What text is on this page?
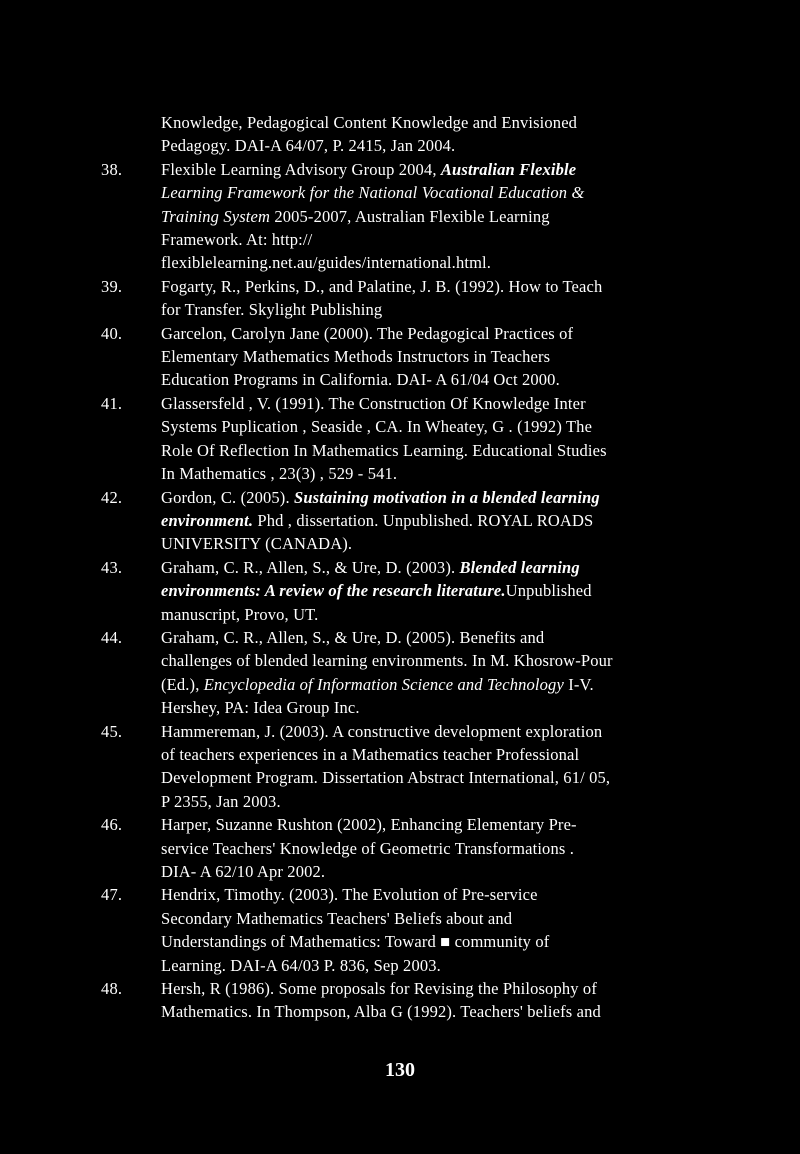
Knowledge, Pedagogical Content Knowledge and Envisioned
Pedagogy. DAI-A 64/07, P. 2415, Jan 2004.
38. Flexible Learning Advisory Group 2004, Australian Flexible
Learning Framework for the National Vocational Education &
Training System 2005-2007, Australian Flexible Learning
Framework. At: http://
flexiblelearning.net.au/guides/international.html.
39. Fogarty, R., Perkins, D., and Palatine, J. B. (1992). How to Teach
for Transfer. Skylight Publishing
40. Garcelon, Carolyn Jane (2000). The Pedagogical Practices of
Elementary Mathematics Methods Instructors in Teachers
Education Programs in California. DAI- A 61/04 Oct 2000.
41. Glassersfeld , V. (1991). The Construction Of Knowledge Inter
Systems Puplication , Seaside , CA. In Wheatey, G . (1992) The
Role Of Reflection In Mathematics Learning. Educational Studies
In Mathematics , 23(3) , 529 - 541.
42. Gordon, C. (2005). Sustaining motivation in a blended learning
environment. Phd , dissertation. Unpublished. ROYAL ROADS
UNIVERSITY (CANADA).
43. Graham, C. R., Allen, S., & Ure, D. (2003). Blended learning
environments: A review of the research literature.Unpublished
manuscript, Provo, UT.
44. Graham, C. R., Allen, S., & Ure, D. (2005). Benefits and
challenges of blended learning environments. In M. Khosrow-Pour
(Ed.), Encyclopedia of Information Science and Technology I-V.
Hershey, PA: Idea Group Inc.
45. Hammereman, J. (2003). A constructive development exploration
of teachers experiences in a Mathematics teacher Professional
Development Program. Dissertation Abstract International, 61/ 05,
P 2355, Jan 2003.
46. Harper, Suzanne Rushton (2002), Enhancing Elementary Pre-
service Teachers' Knowledge of Geometric Transformations .
DIA- A 62/10 Apr 2002.
47. Hendrix, Timothy. (2003). The Evolution of Pre-service
Secondary Mathematics Teachers' Beliefs about and
Understandings of Mathematics: Toward ■ community of
Learning. DAI-A 64/03 P. 836, Sep 2003.
48. Hersh, R (1986). Some proposals for Revising the Philosophy of
Mathematics. In Thompson, Alba G (1992). Teachers' beliefs and
130
